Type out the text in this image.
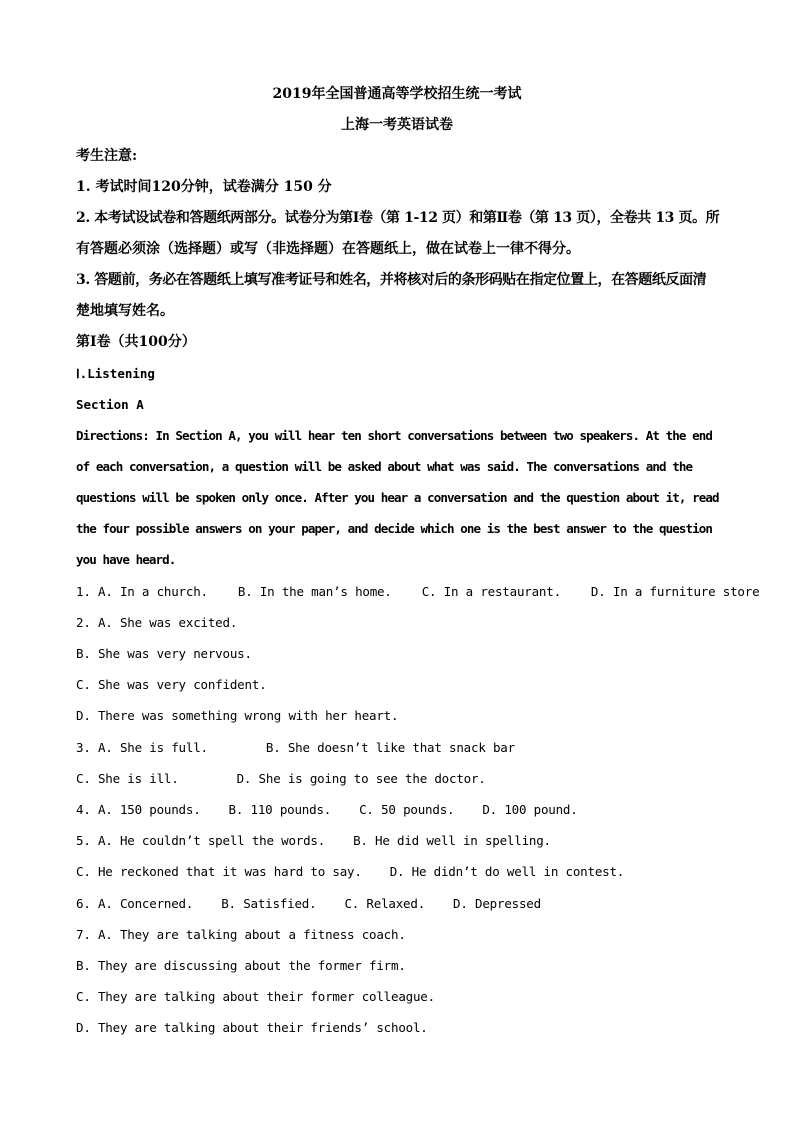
2019年全国普通高等学校招生统一考试
上海一考英语试卷
考生注意:
1. 考试时间120分钟，试卷满分 150 分
2. 本考试设试卷和答题纸两部分。试卷分为第Ⅰ卷（第 1-12 页）和第Ⅱ卷（第 13 页），全卷共 13 页。所
有答题必须涂（选择题）或写（非选择题）在答题纸上，做在试卷上一律不得分。
3. 答题前，务必在答题纸上填写准考证号和姓名，并将核对后的条形码贴在指定位置上，在答题纸反面清
楚地填写姓名。
第Ⅰ卷（共100分）
Ⅰ.Listening
Section A
Directions: In Section A, you will hear ten short conversations between two speakers. At the end
of each conversation, a question will be asked about what was said. The conversations and the
questions will be spoken only once. After you hear a conversation and the question about it, read
the four possible answers on your paper, and decide which one is the best answer to the question
you have heard.
1. A. In a church. B. In the man’s home. C. In a restaurant. D. In a furniture store
2. A. She was excited.
B. She was very nervous.
C. She was very confident.
D. There was something wrong with her heart.
3. A. She is full.	B. She doesn’t like that snack bar
C. She is ill.	D. She is going to see the doctor.
4. A. 150 pounds. B. 110 pounds. C. 50 pounds. D. 100 pound.
5. A. He couldn’t spell the words. B. He did well in spelling.
C. He reckoned that it was hard to say. D. He didn’t do well in contest.
6. A. Concerned. B. Satisfied. C. Relaxed. D. Depressed
7. A. They are talking about a fitness coach.
B. They are discussing about the former firm.
C. They are talking about their former colleague.
D. They are talking about their friends’ school.
